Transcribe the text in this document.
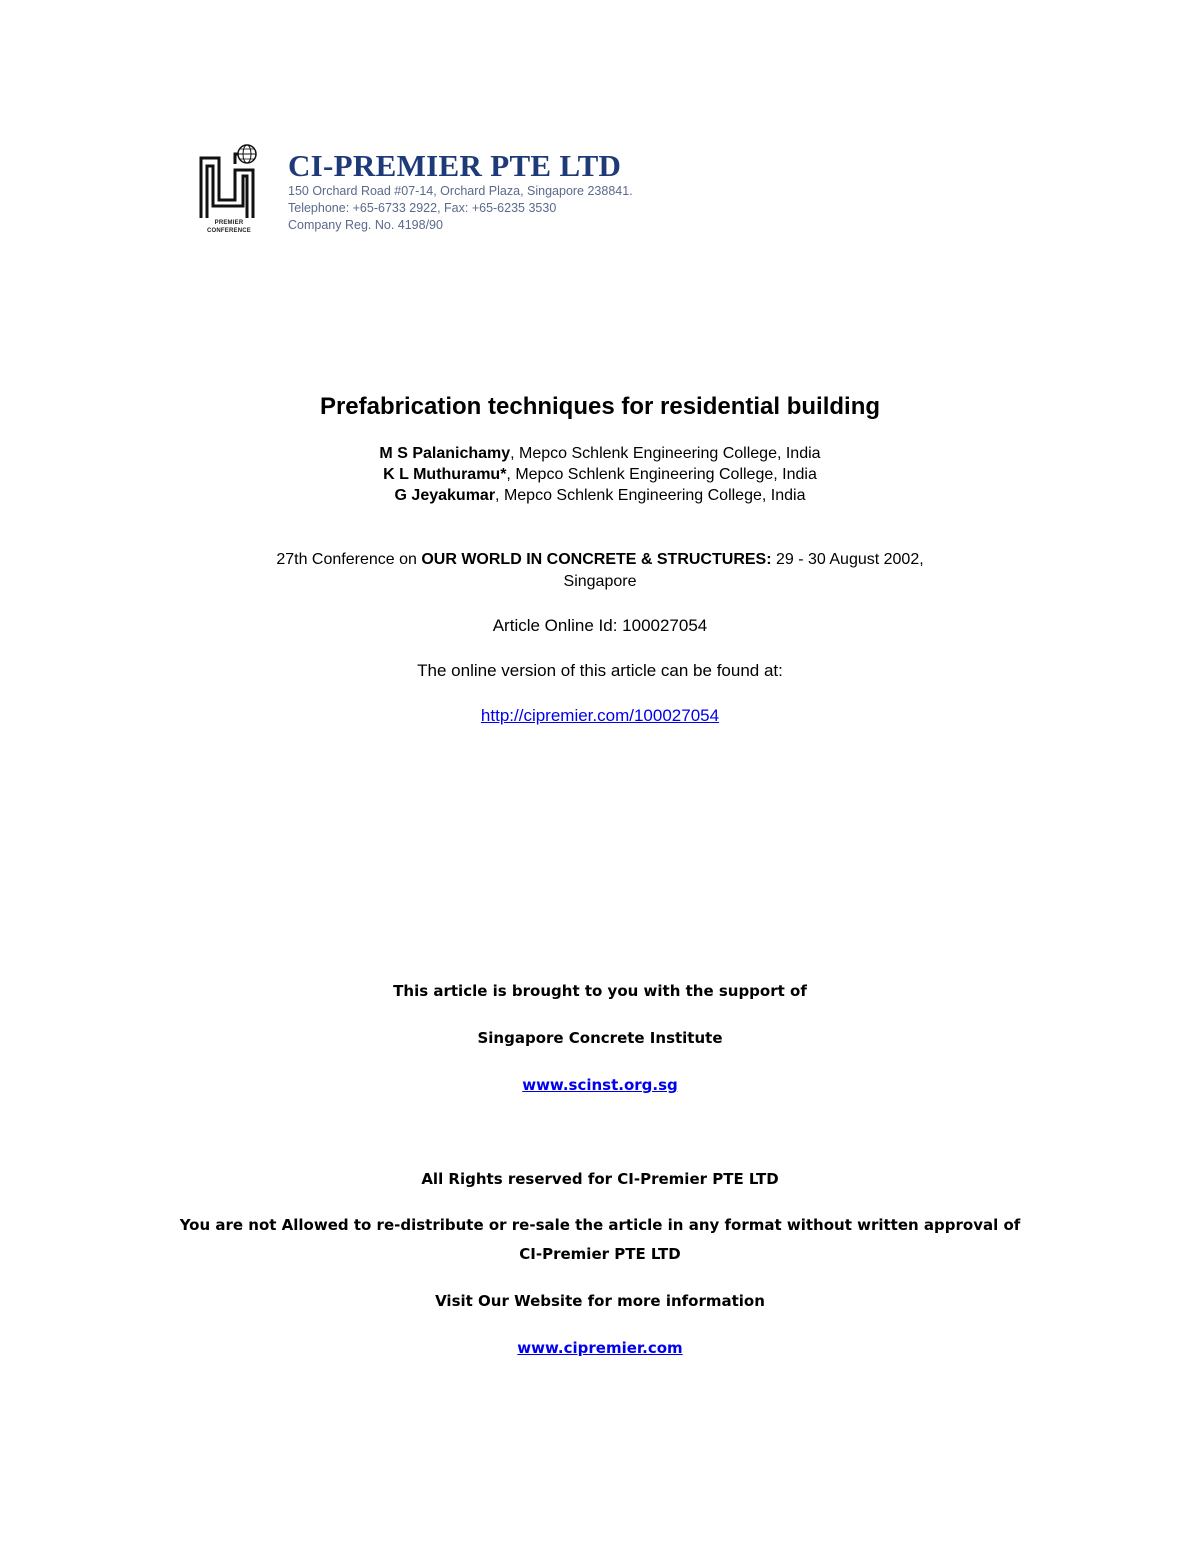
PREMIER
CONFERENCE
CI-PREMIER PTE LTD
150 Orchard Road #07-14, Orchard Plaza, Singapore 238841.
Telephone: +65-6733 2922, Fax: +65-6235 3530
Company Reg. No. 4198/90
Prefabrication techniques for residential building
M S Palanichamy, Mepco Schlenk Engineering College, India
K L Muthuramu*, Mepco Schlenk Engineering College, India
G Jeyakumar, Mepco Schlenk Engineering College, India
27th Conference on OUR WORLD IN CONCRETE & STRUCTURES: 29 - 30 August 2002,
Singapore
Article Online Id: 100027054
The online version of this article can be found at:
http://cipremier.com/100027054
This article is brought to you with the support of
Singapore Concrete Institute
www.scinst.org.sg
All Rights reserved for CI-Premier PTE LTD
You are not Allowed to re-distribute or re-sale the article in any format without written approval of
CI-Premier PTE LTD
Visit Our Website for more information
www.cipremier.com
